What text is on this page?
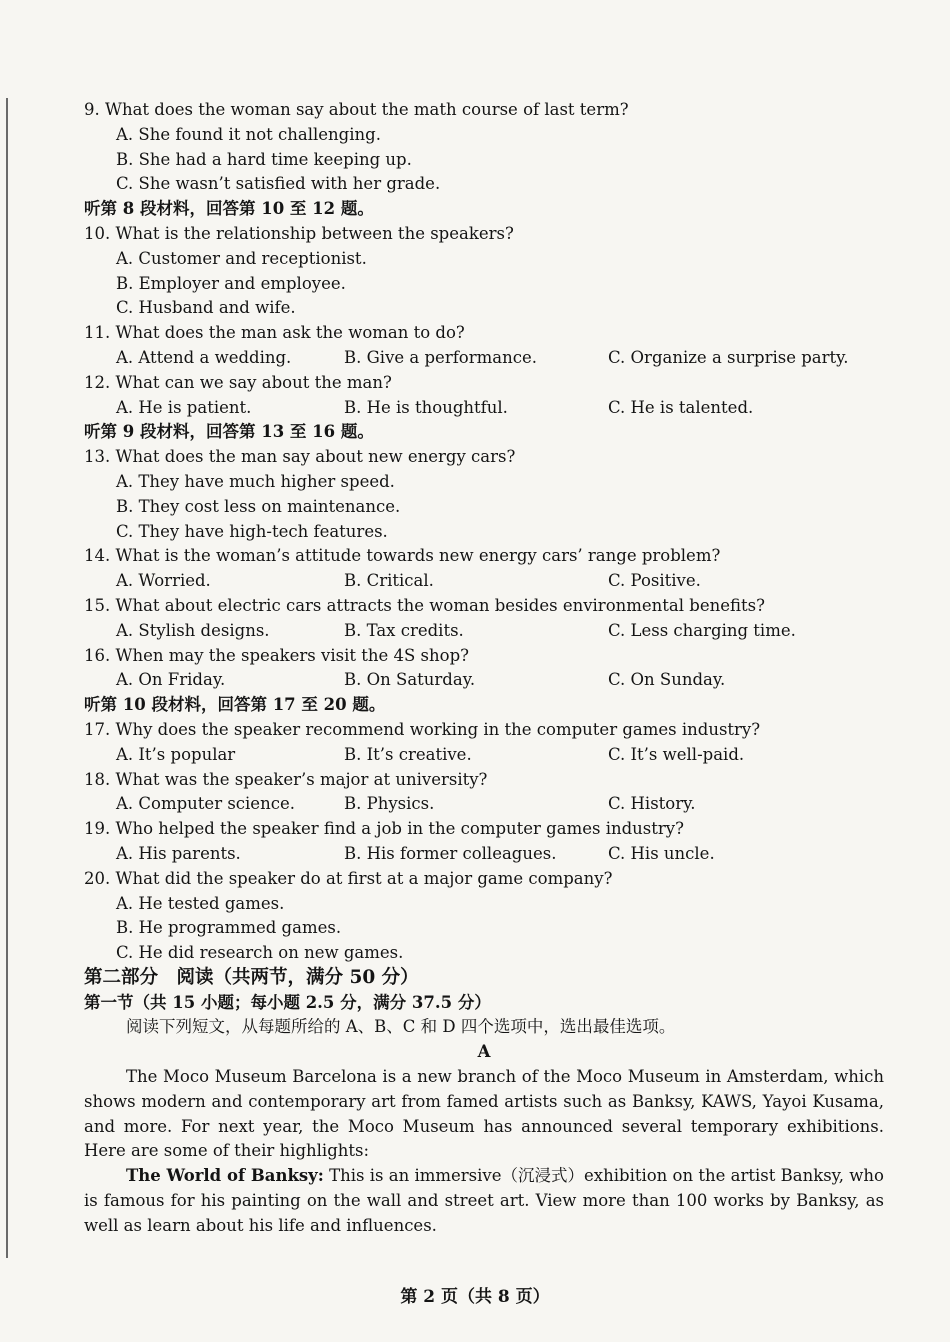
9. What does the woman say about the math course of last term?

A. She found it not challenging.

B. She had a hard time keeping up.

C. She wasn’t satisfied with her grade.

听第 8 段材料，回答第 10 至 12 题。

10. What is the relationship between the speakers?

A. Customer and receptionist.

B. Employer and employee.

C. Husband and wife.

11. What does the man ask the woman to do?

A. Attend a wedding.	B. Give a performance.	C. Organize a surprise party.

12. What can we say about the man?

A. He is patient.	B. He is thoughtful.	C. He is talented.

听第 9 段材料，回答第 13 至 16 题。

13. What does the man say about new energy cars?

A. They have much higher speed.

B. They cost less on maintenance.

C. They have high-tech features.

14. What is the woman’s attitude towards new energy cars’ range problem?

A. Worried.	B. Critical.	C. Positive.

15. What about electric cars attracts the woman besides environmental benefits?

A. Stylish designs.	B. Tax credits.	C. Less charging time.

16. When may the speakers visit the 4S shop?

A. On Friday.	B. On Saturday.	C. On Sunday.

听第 10 段材料，回答第 17 至 20 题。

17. Why does the speaker recommend working in the computer games industry?

A. It’s popular	B. It’s creative.	C. It’s well-paid.

18. What was the speaker’s major at university?

A. Computer science.	B. Physics.	C. History.

19. Who helped the speaker find a job in the computer games industry?

A. His parents.	B. His former colleagues.	C. His uncle.

20. What did the speaker do at first at a major game company?

A. He tested games.

B. He programmed games.

C. He did research on new games.

第二部分　阅读（共两节，满分 50 分）

第一节（共 15 小题；每小题 2.5 分，满分 37.5 分）

阅读下列短文，从每题所给的 A、B、C 和 D 四个选项中，选出最佳选项。

A

The Moco Museum Barcelona is a new branch of the Moco Museum in Amsterdam, which shows modern and contemporary art from famed artists such as Banksy, KAWS, Yayoi Kusama, and more. For next year, the Moco Museum has announced several temporary exhibitions. Here are some of their highlights:

The World of Banksy: This is an immersive（沉浸式）exhibition on the artist Banksy, who is famous for his painting on the wall and street art. View more than 100 works by Banksy, as well as learn about his life and influences.

第 2 页（共 8 页）
